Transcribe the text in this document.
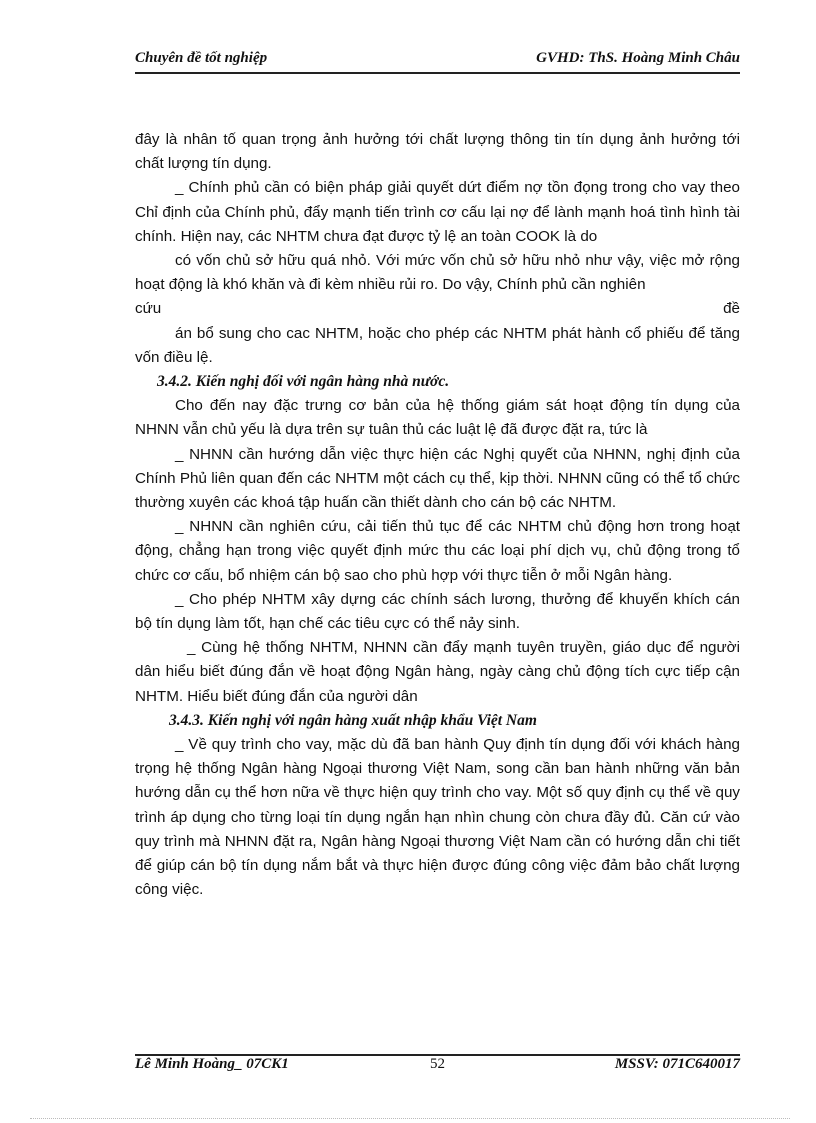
Chuyên đề tốt nghiệp	GVHD: ThS. Hoàng Minh Châu

đây là nhân tố quan trọng ảnh hưởng tới chất lượng thông tin tín dụng ảnh hưởng tới chất lượng tín dụng.

_ Chính phủ cần có biện pháp giải quyết dứt điểm nợ tồn đọng trong cho vay theo Chỉ định của Chính phủ, đẩy mạnh tiến trình cơ cấu lại nợ để lành mạnh hoá tình hình tài chính. Hiện nay, các NHTM chưa đạt được tỷ lệ an toàn COOK là do

có vốn chủ sở hữu quá nhỏ. Với mức vốn chủ sở hữu nhỏ như vậy, việc mở rộng hoạt động là khó khăn và đi kèm nhiều rủi ro. Do vậy, Chính phủ cần nghiên

cứu	đề

án bổ sung cho cac NHTM, hoặc cho phép các NHTM phát hành cổ phiếu để tăng vốn điều lệ.

3.4.2. Kiến nghị đối với ngân hàng nhà nước.

Cho đến nay đặc trưng cơ bản của hệ thống giám sát hoạt động tín dụng của NHNN vẫn chủ yếu là dựa trên sự tuân thủ các luật lệ đã được đặt ra, tức là

_ NHNN cần hướng dẫn việc thực hiện các Nghị quyết của NHNN, nghị định của Chính Phủ liên quan đến các NHTM một cách cụ thể, kịp thời. NHNN cũng có thể tổ chức thường xuyên các khoá tập huấn cần thiết dành cho cán bộ các NHTM.

_ NHNN cần nghiên cứu, cải tiến thủ tục để các NHTM chủ động hơn trong hoạt động, chẳng hạn trong việc quyết định mức thu các loại phí dịch vụ, chủ động trong tổ chức cơ cấu, bổ nhiệm cán bộ sao cho phù hợp với thực tiễn ở mỗi Ngân hàng.

_ Cho phép NHTM xây dựng các chính sách lương, thưởng để khuyến khích cán bộ tín dụng làm tốt, hạn chế các tiêu cực có thể nảy sinh.

_ Cùng hệ thống NHTM, NHNN cần đẩy mạnh tuyên truyền, giáo dục để người dân hiểu biết đúng đắn về hoạt động Ngân hàng, ngày càng chủ động tích cực tiếp cận NHTM. Hiểu biết đúng đắn của người dân

3.4.3. Kiến nghị với ngân hàng xuất nhập khẩu Việt Nam

_ Về quy trình cho vay, mặc dù đã ban hành Quy định tín dụng đối với khách hàng trọng hệ thống Ngân hàng Ngoại thương Việt Nam, song cần ban hành những văn bản hướng dẫn cụ thể hơn nữa về thực hiện quy trình cho vay. Một số quy định cụ thể về quy trình áp dụng cho từng loại tín dụng ngắn hạn nhìn chung còn chưa đầy đủ. Căn cứ vào quy trình mà NHNN đặt ra, Ngân hàng Ngoại thương Việt Nam cần có hướng dẫn chi tiết để giúp cán bộ tín dụng nắm bắt và thực hiện được đúng công việc đảm bảo chất lượng công việc.

Lê Minh Hoàng_ 07CK1	52	MSSV: 071C640017
